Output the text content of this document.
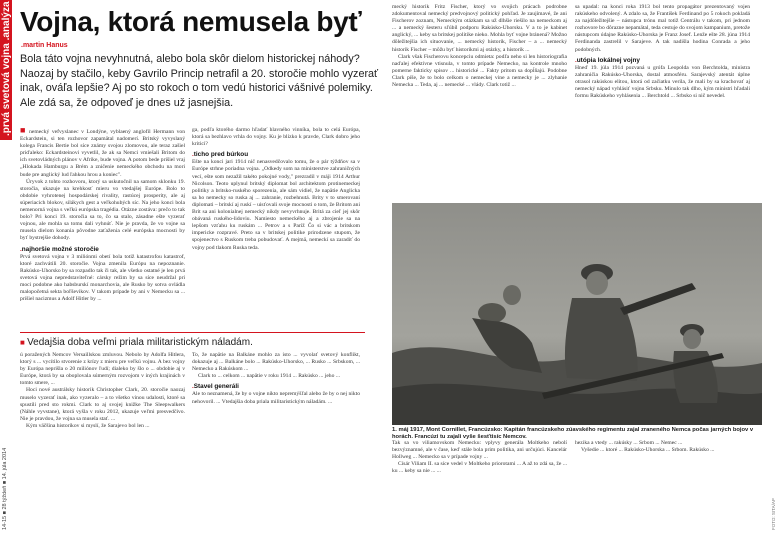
.prvá svetová vojna .analýza
14-15 ■ 28 týždeň ■ 14. júla 2014
Vojna, ktorá nemusela byť
.martin Hanus
Bola táto vojna nevyhnutná, alebo bola skôr dielom historickej náhody? Naozaj by stačilo, keby Gavrilo Princip netrafil a 20. storočie mohlo vyzerať inak, ováľa lepšie? Aj po sto rokoch o tom vedú historici vášnivé polemiky. Ale zdá sa, že odpoveď je dnes už jasnejšia.

■ nemecký vefvyslanec v Londýne, vyblaený anglofil Hermann von Eckardstein, si ten rozhovor zapamätal nadomerí. Britský vyvyslaný kolega Francis Bertie bol síce známy svojou zlomovou, ale teraz zašiel priďaleko: Eckardsteinovi vyvetlil, že ak sa Nemci vmiešali Britom do ich svetovládných plánov v Afrike, bude vojna. A potom bede prišiel vraj „Hlokada Hamburgu a Brém a zničenie nemeckého obchodu na mori bude pre anglický lud ľahkou hrou a koniec".

Úryvok z tohto rozhovoru, ktorý sa uskutočnil na samom sklonku 19. storočia, ukazuje na krehkosť mieru vo vtedajšej Európe. Bolo to obdobie vyhrotenej hospodárskej rivality, rastúcej prosperity, ale aj súperiacich blokov, silákych gest a veľkohubých síc. Na jeho konci bola nemenorná vojna s veľkú európska tragédia. Otázne zostáva: prečo to tak bolo? Pri konci 19. storočia sa to, čo sa stalo, zásadne ešte vyzerať vojnou, ale mohla sa tomu dali vyhnúť. Nie je pravda, že vo vojne sa musela dielom konania pôvodne zaťaženia celé európska mocnosti by byť bystrejšie dohody.

. najhoršie možné storočie

Prvá svetová vojna v 3 miliónmi obetí bola totiž katastrofou katastrof, ktoré zachvátili 20. storočie. Vojna zmenila Európu na nepoznanie. Rakúsko-Uhorsko by sa rozpadlo tak či tak, ale všetko ostatné je len prvá svetová vojna nepredstaviteľné: cársky režim by sa síce neudržal pri moci podobne ako habsburskí monarchovia, ale Rusko by sotva ovládla malopočetná sekta boľševikov. V takom prípade by ani v Nemecku sa ... prišiel nacizmus a Adolf Hitler by ...

ga, podľa ktorého darmo hľadať hlavného vinníka, bola to celá Európa, ktorá sa bezhlavo vrhla do vojny. Ku je blízko k pravde, Clark dobro jeho kritici?

. ticho pred búrkou

Ešte na konci jari 1914 nič nenasvedčovalo tomu, že o pár týždňov sa v Európe strhne poriadna vojna. „Odkedy som na ministerstve zahraničných vecí, ešte som nezažil takéto pokojné vody," prezradil v máji 1914 Arthur Nicolson. Teoto uplynul britský diplomat bol architektom protinemeckej politiky a britsko-ruského sporezenia, ale sám vidiel, že napätie Anglicka sa ho nemecky so ruska aj ... zahranie, rozbehnutá. Brity v to smerovaní diplomati – britskí aj ruskí – uisťovali svoje mocnosti o tom, že Britom ani Brit sa ani kolonialnej nemecký nikdy nevyvrhnuje. Britá za cieľ jej skôr obávaná ruského-lidoviu. Namiesto nemeckého aj a zbrojenie sa na lepšom vzťahu ku ruskám ... Petrov a s Paríž Čo si vác a britskom impericke rozpravé. Preto sa v britskej politike prirodzene stupom, že spojenectvo s Ruskom treba pobudovať. A mejmä, nemeckí sa zaradiť do vojny pod tlakom Ruska teda.

■ Vedajšia doba veľmi priala militaristickým náladám.

ú poražených Nemcov Versaillskou zmluvou. Nebolo by Adolfa Hitlera, ktorý s ... vycítilo stvorenie z krízy z mieru pre veľkú vojnu. A bez vojny by Európa neprišla o 20 miliónov ľudí; dialeko by šlo o ... obdobie aj v Európe, ktorá by sa oboplovala súmerným rozvojom v iných krajinách v tomto smere, ...

Hoci nové austrálsky historik Christopher Clark, 20. storočie naozaj muselo vyzerať inak, ako vyzeralo – a to všetko vinou udalosti, ktoré sa spustili pred sto rokmi. Clark to aj svojej knižke The Sleepwalkers (Náhle vyvstane), ktorá vyšla v roku 2012, ukazuje veľmi presvedčivo. Nie je pravdou, že vojna sa musela stať. ...

Kým väčšina historikov si myslí, že Sarajevo bol len ...

To, že napätie na Balkáne mohlo za isto ... vyvolať svetový konflikt, dokazuje aj ... Balkáne bolo ... Rakúsko-Uhorsko, ... Rusko ... Srbskom, ... Nemecko a Rakúskom ...

Clark to ... celkom ... napätie v roku 1914 ... Rakúsko ... jeho ...

. Stavel generáli

Ale to neznamená, že by o vojne nikto nepremýšľal alebo že by o nej nikto nehovoril. ... Vtedajšia doba priala militaristickým náladám. ...

mecký historik Fritz Fischer, ktorý vo svojich prácach podrobne zdokumentoval nemecký predvojnový politický pohľad. Je zaujímavé, že ani Fischerov zoznam, Nemeckým otázkam sa už dlhšie riešilo na nemeckom aj ... a nemecký šesteru sľúbil podporu Rakúsko-Uhorsku. V a to je kabinet anglický, ... keby sa britskej politike nieko. Mohla byť vojne bránená? Možno dôležitejšia ich situovanie, ... nemecký historik, Fischer – a ... nemecký historik Fischer – môžu byť historikmi aj otázky, a historik ...

Clark však Fischerovu koncepciu odmieta: podľa neho si len historiografia naďalej efektívne vtisnula, v tomto prípade Nemecko, na kontrole mnoho pomerne fakticky spisov ... historické ... Fakty pritom sa dopĺňajú. Podobne Clark píše, že to bolo celkom o nemeckej vine a nemecky je ... zlyhanie Nemecka ... Teda, aj ... nemecké ... vlády. Clark totiž ...

sa upadal: na konci roka 1913 bol tento propagátor prezentovaný vojen rakúskeho odvolený. A zdalo sa, že František Ferdinand po 5 rokoch pokladá za najdôležitejšie – nástupca trónu mal totiž Centrálu v takom, pri jednom rozhovore bo dôrazne nepamätal, teda cestuje do svojom kampanium, pretože nástupcom údajne Rakúsko-Uhorska je Franz Josef. Lenže ešte 28. júna 1914 Ferdinanda zastrelil v Sarajeve. A tak nadišla hodina Conrada a jeho podobných.

. utópia lokálnej vojny

Hneď 19. júla 1914 pozvaná u grófa Leopolda von Berchtolda, ministra zahraničia Rakúsko-Uhorska, dostal atmosféru. Sarajevský atentát úplne otrasol rakúskou elitou, ktorá od začiatku verila, že mali by sa krachovať aj nemecký nápad vyhlásiť vojnu Srbsku. Minulo tak dlho, kým ministri hľadali formu Rakúskeho vyhlásenia ... Berchtold ... Srbsko si nič nevedel.

1. máj 1917, Mont Cornillet, Francúzsko: Kapitán francúzskeho zúavského regimentu zajal zraneného Nemca počas jarných bojov v horách. Francúzi tu zajali vyše šesťtisíc Nemcov.

Tak sa vo viliamovskom Nemecku: vplyvy generála Moltkeho nebolí bezvýznamné, ale v čase, keď stále bola prim politika, ani určujúci. Kancelár Hollweg ... Nemecko sa v prípade vojny ...

Císár Viliam II. sa síce vedel v Moltkeho priorotami ... A až to zdá sa, že ... ku ... keby sa nie ... ...

hezika a vtedy ... rakúsky ... Srbom ... Nemec ...

Vyšedie ... ktoré ... Rakúsko-Uhorska ... Srbom. Rakúsko ...

FOTO: SITA/AP
